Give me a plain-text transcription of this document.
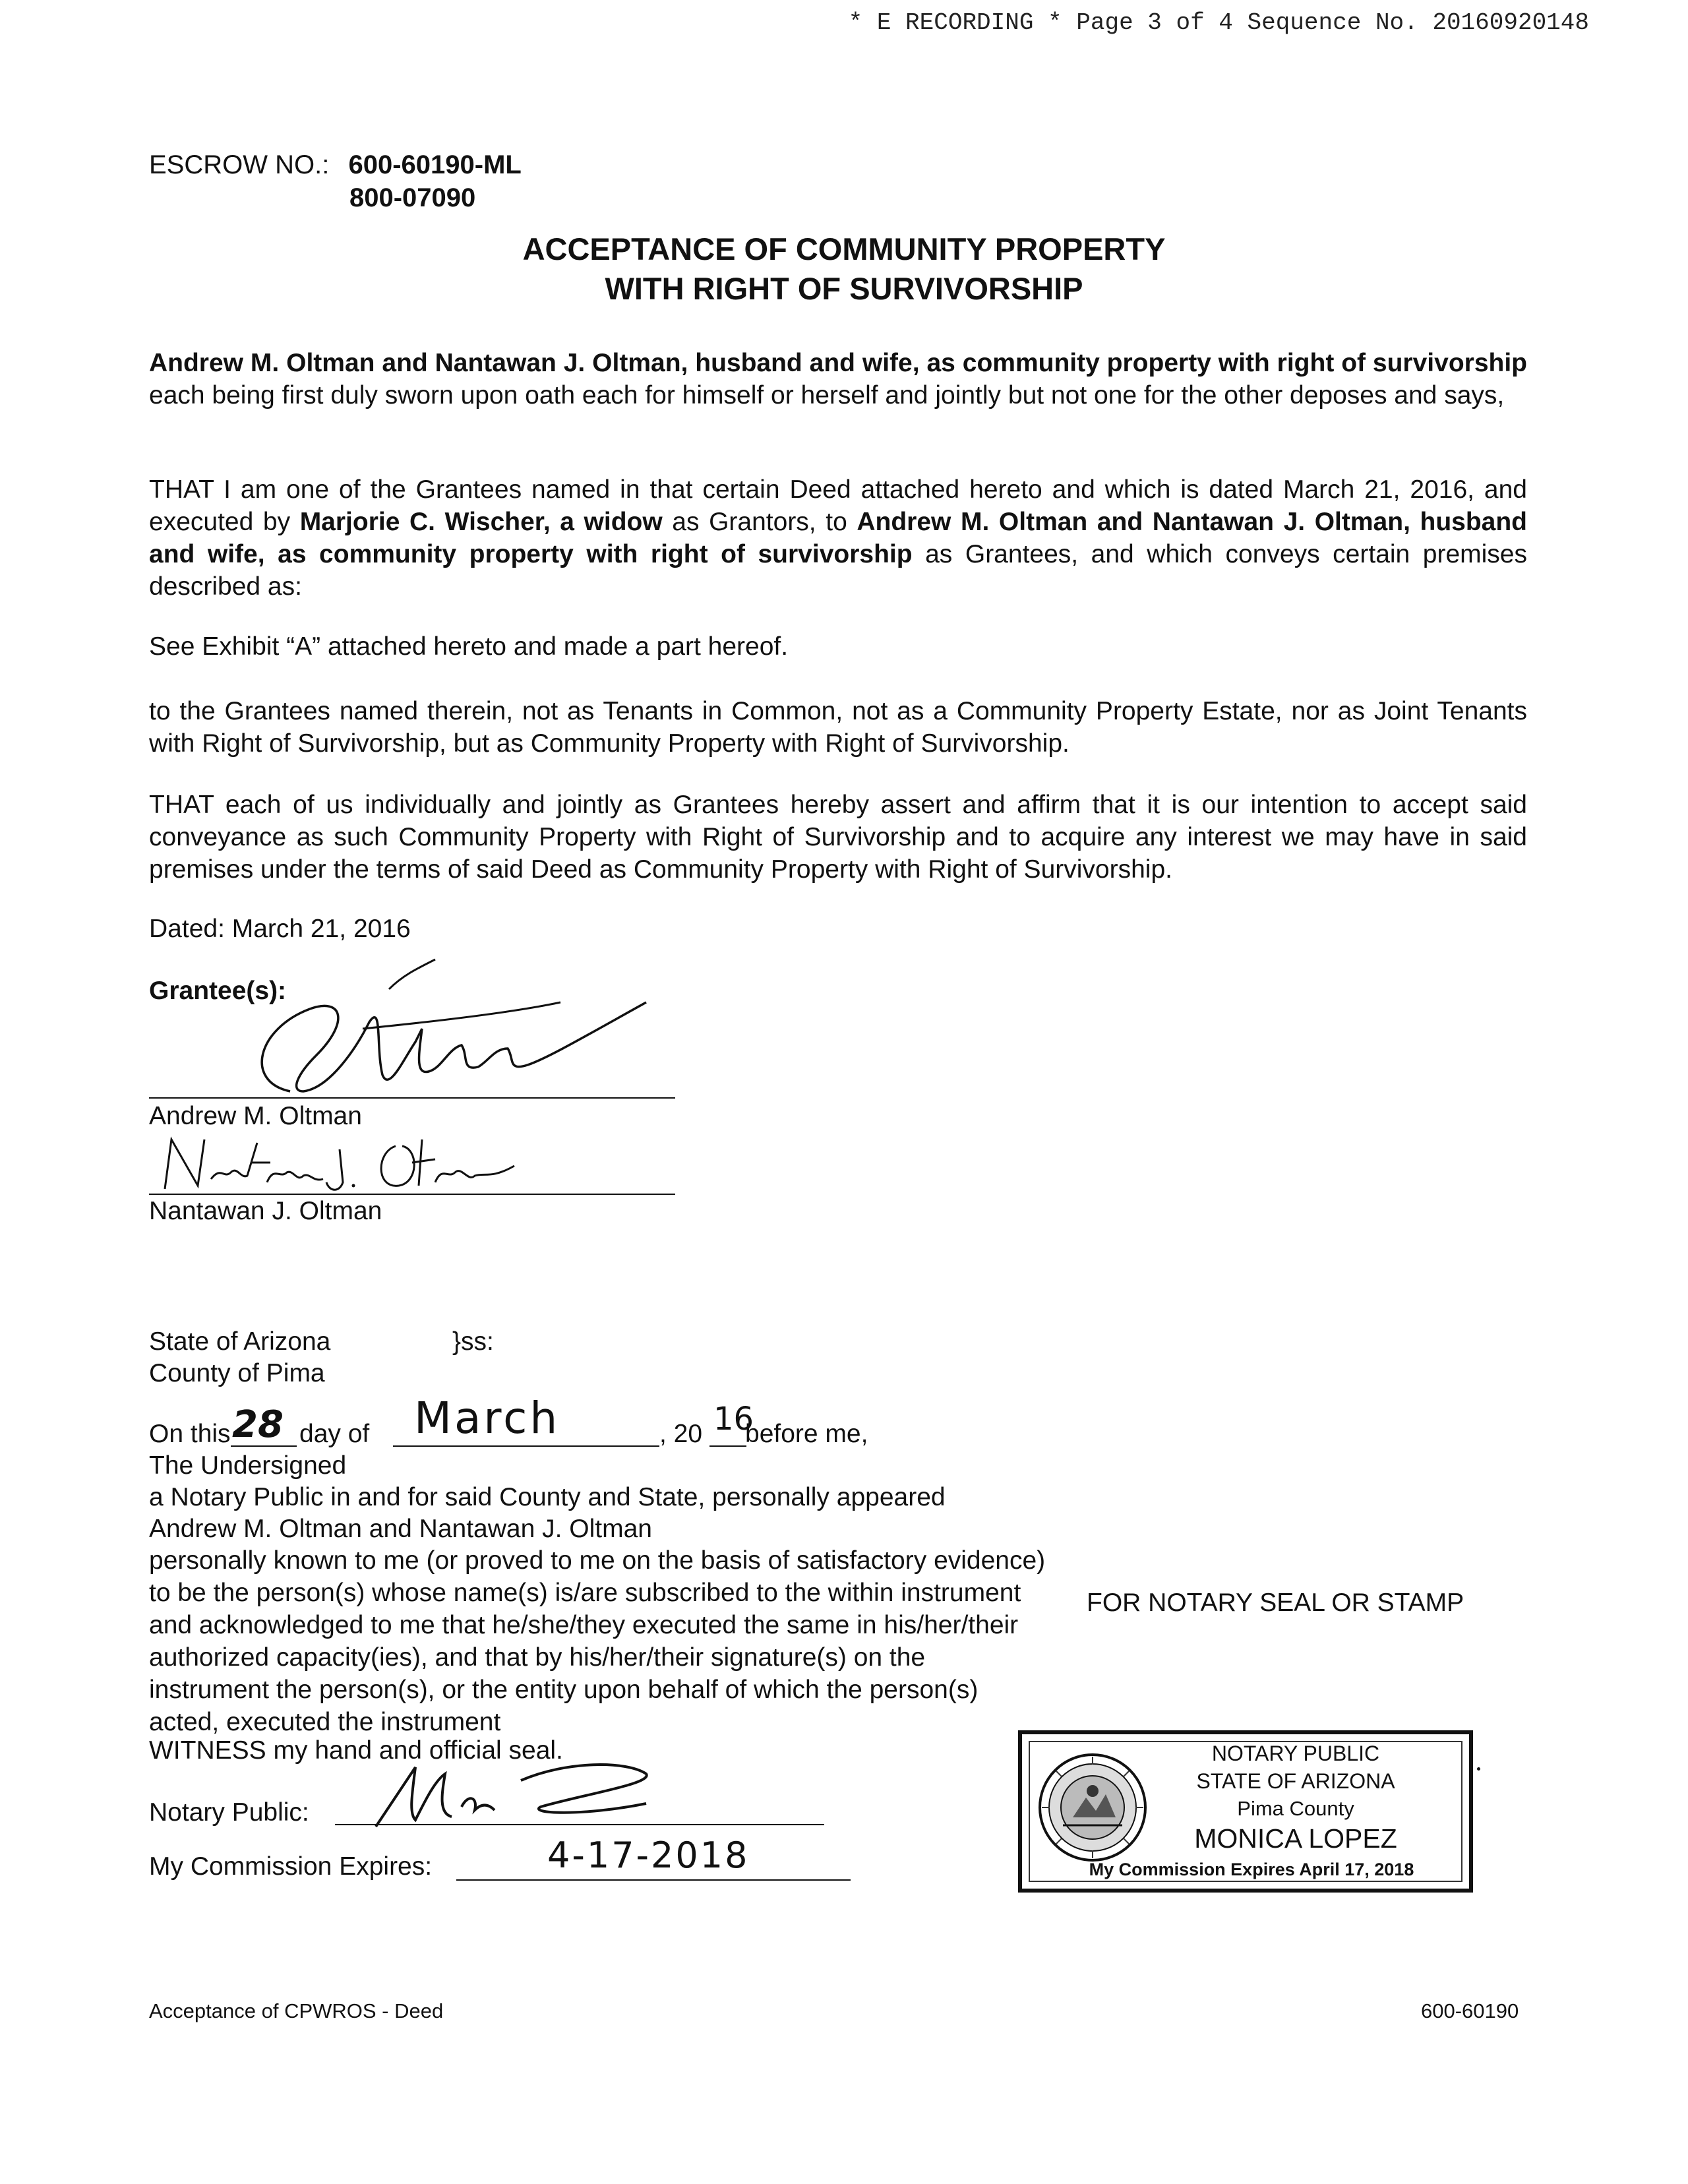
* E RECORDING * Page 3 of 4 Sequence No. 20160920148
ESCROW NO.: 600-60190-ML
800-07090
ACCEPTANCE OF COMMUNITY PROPERTY
WITH RIGHT OF SURVIVORSHIP
Andrew M. Oltman and Nantawan J. Oltman, husband and wife, as community property with right of survivorship each being first duly sworn upon oath each for himself or herself and jointly but not one for the other deposes and says,
THAT I am one of the Grantees named in that certain Deed attached hereto and which is dated March 21, 2016, and executed by Marjorie C. Wischer, a widow as Grantors, to Andrew M. Oltman and Nantawan J. Oltman, husband and wife, as community property with right of survivorship as Grantees, and which conveys certain premises described as:
See Exhibit “A” attached hereto and made a part hereof.
to the Grantees named therein, not as Tenants in Common, not as a Community Property Estate, nor as Joint Tenants with Right of Survivorship, but as Community Property with Right of Survivorship.
THAT each of us individually and jointly as Grantees hereby assert and affirm that it is our intention to accept said conveyance as such Community Property with Right of Survivorship and to acquire any interest we may have in said premises under the terms of said Deed as Community Property with Right of Survivorship.
Dated: March 21, 2016
Grantee(s):
Andrew M. Oltman
Nantawan J. Oltman
State of Arizona	}ss:
County of Pima
On this 28 day of March	, 20 16
before me,
The Undersigned
a Notary Public in and for said County and State, personally appeared
Andrew M. Oltman and Nantawan J. Oltman
personally known to me (or proved to me on the basis of satisfactory evidence) to be the person(s) whose name(s) is/are subscribed to the within instrument and acknowledged to me that he/she/they executed the same in his/her/their authorized capacity(ies), and that by his/her/their signature(s) on the instrument the person(s), or the entity upon behalf of which the person(s) acted, executed the instrument
WITNESS my hand and official seal.
Notary Public:
My Commission Expires:	4-17-2018
FOR NOTARY SEAL OR STAMP
NOTARY PUBLIC
STATE OF ARIZONA
Pima County
MONICA LOPEZ
My Commission Expires April 17, 2018
Acceptance of CPWROS - Deed	600-60190
